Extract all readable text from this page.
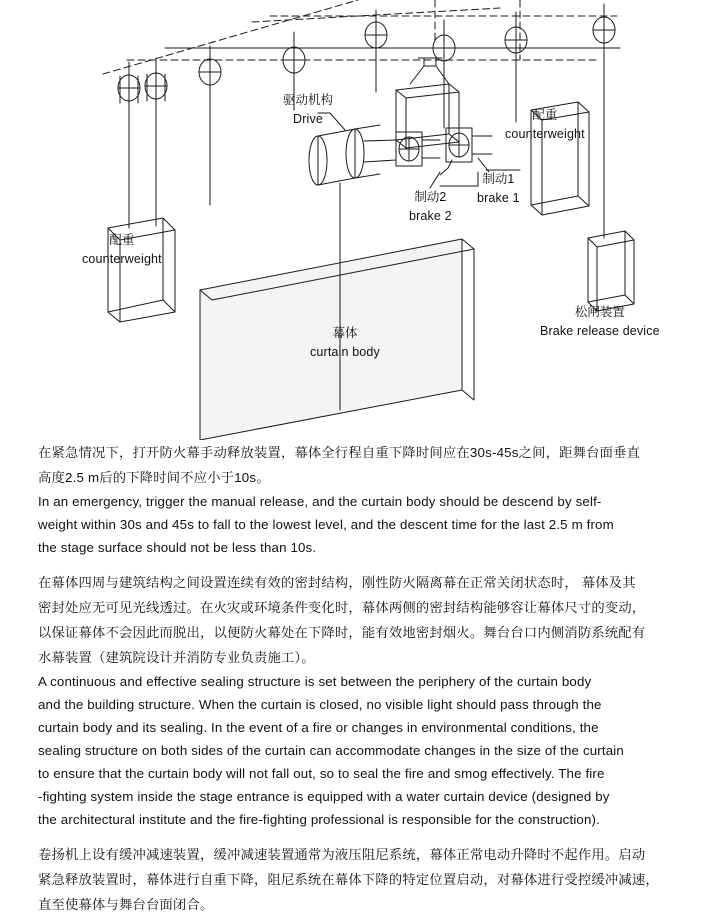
驱动机构
Drive	配重
counterweight
配重
counterweight
制动2
brake 2
制动1
brake 1
幕体
curtain body
松闸装置
Brake release device

在紧急情况下，打开防火幕手动释放装置，幕体全行程自重下降时间应在30s-45s之间，距舞台面垂直

高度2.5 m后的下降时间不应小于10s。

In an emergency, trigger the manual release, and the curtain body should be descend by self-

weight within 30s and 45s to fall to the lowest level, and the descent time for the last 2.5 m from

the stage surface should not be less than 10s.

在幕体四周与建筑结构之间设置连续有效的密封结构，刚性防火隔离幕在正常关闭状态时， 幕体及其

密封处应无可见光线透过。在火灾或环境条件变化时，幕体两侧的密封结构能够容让幕体尺寸的变动，

以保证幕体不会因此而脱出，以便防火幕处在下降时，能有效地密封烟火。舞台台口内侧消防系统配有

水幕装置（建筑院设计并消防专业负责施工）。

A continuous and effective sealing structure is set between the periphery of the curtain body

and the building structure. When the curtain is closed, no visible light should pass through the

curtain body and its sealing. In the event of a fire or changes in environmental conditions, the

sealing structure on both sides of the curtain can accommodate changes in the size of the curtain

to ensure that the curtain body will not fall out, so to seal the fire and smog effectively. The fire

-fighting system inside the stage entrance is equipped with a water curtain device (designed by

the architectural institute and the fire-fighting professional is responsible for the construction).

卷扬机上设有缓冲减速装置，缓冲减速装置通常为液压阻尼系统，幕体正常电动升降时不起作用。启动

紧急释放装置时，幕体进行自重下降，阻尼系统在幕体下降的特定位置启动，对幕体进行受控缓冲减速，

直至使幕体与舞台台面闭合。
